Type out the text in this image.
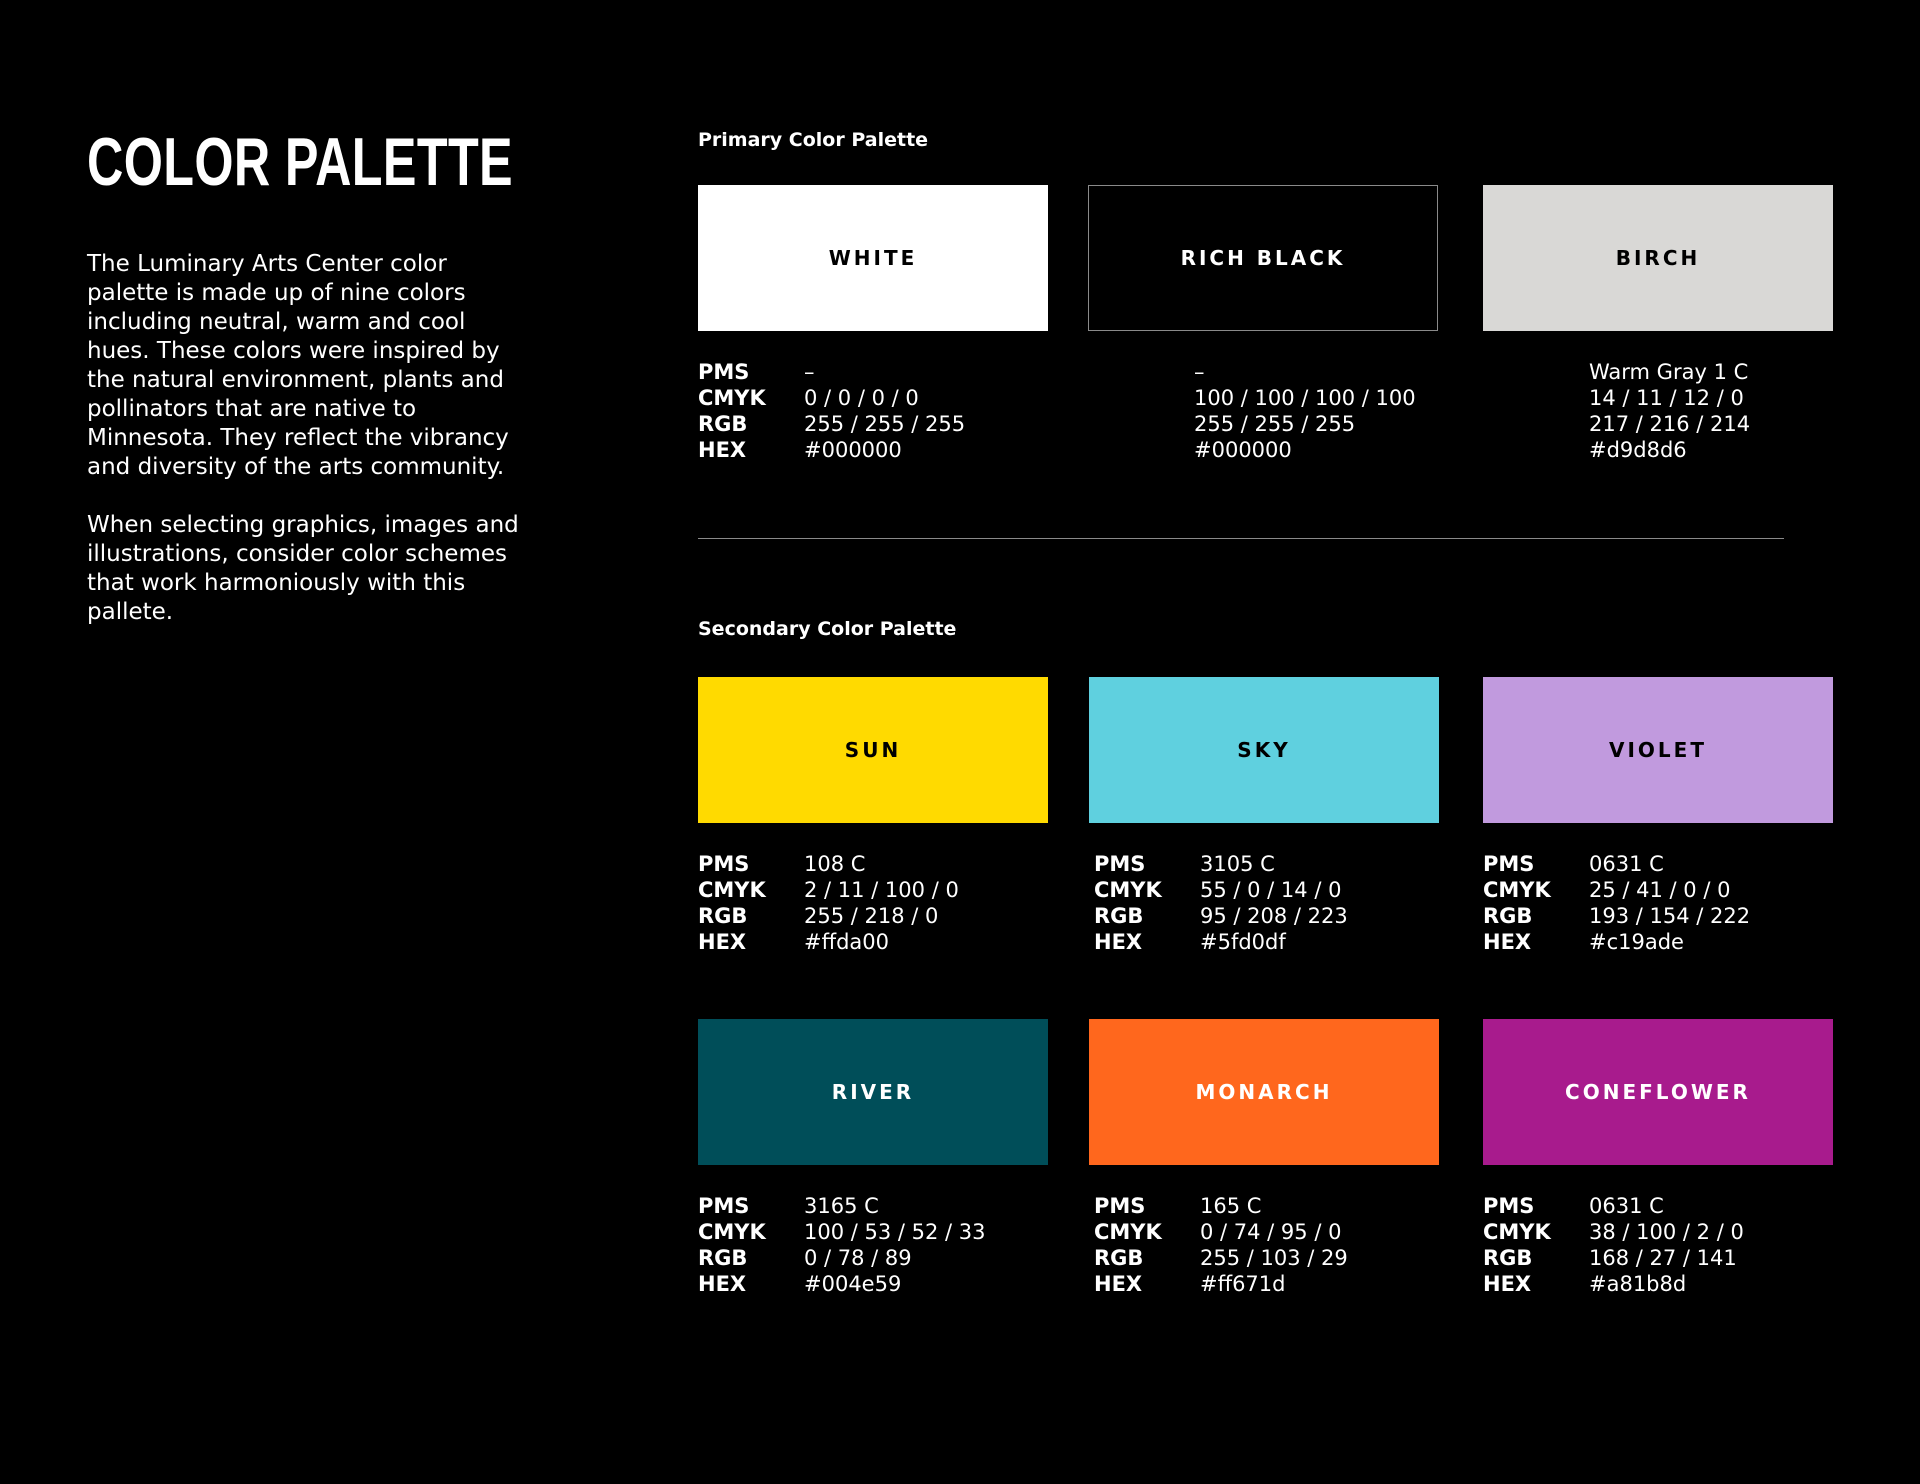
COLOR PALETTE

The Luminary Arts Center color palette is made up of nine colors including neutral, warm and cool hues. These colors were inspired by the natural environment, plants and pollinators that are native to Minnesota. They reflect the vibrancy and diversity of the arts community.

When selecting graphics, images and illustrations, consider color schemes that work harmoniously with this pallete.

Primary Color Palette
WHITE
PMS	–
CMYK	0 / 0 / 0 / 0
RGB	255 / 255 / 255
HEX	#000000
RICH BLACK
–
100 / 100 / 100 / 100
255 / 255 / 255
#000000
BIRCH
Warm Gray 1 C
14 / 11 / 12 / 0
217 / 216 / 214
#d9d8d6
Secondary Color Palette
SUN
PMS	108 C
CMYK	2 / 11 / 100 / 0
RGB	255 / 218 / 0
HEX	#ffda00
SKY
PMS	3105 C
CMYK	55 / 0 / 14 / 0
RGB	95 / 208 / 223
HEX	#5fd0df
VIOLET
PMS	0631 C
CMYK	25 / 41 / 0 / 0
RGB	193 / 154 / 222
HEX	#c19ade
RIVER
PMS	3165 C
CMYK	100 / 53 / 52 / 33
RGB	0 / 78 / 89
HEX	#004e59
MONARCH
PMS	165 C
CMYK	0 / 74 / 95 / 0
RGB	255 / 103 / 29
HEX	#ff671d
CONEFLOWER
PMS	0631 C
CMYK	38 / 100 / 2 / 0
RGB	168 / 27 / 141
HEX	#a81b8d
